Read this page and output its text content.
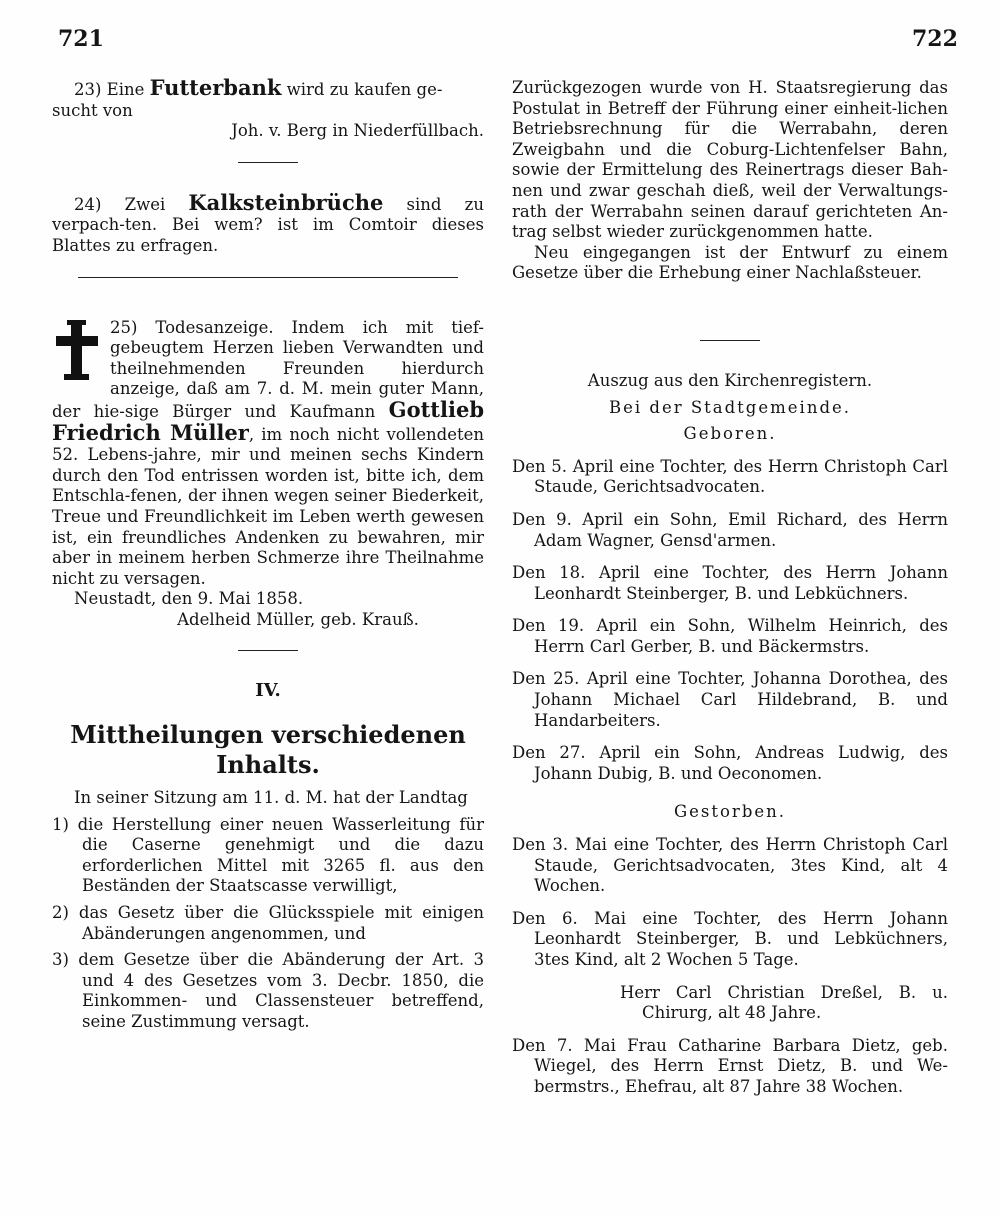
721	722

23) Eine Futterbank wird zu kaufen ge-
sucht von

Joh. v. Berg in Niederfüllbach.

24) Zwei Kalksteinbrüche sind zu verpach-ten. Bei wem? ist im Comtoir dieses Blattes zu erfragen.

25) Todesanzeige. Indem ich mit tief-gebeugtem Herzen lieben Verwandten und theilnehmenden Freunden hierdurch anzeige, daß am 7. d. M. mein guter Mann, der hie-sige Bürger und Kaufmann Gottlieb Friedrich Müller, im noch nicht vollendeten 52. Lebens-jahre, mir und meinen sechs Kindern durch den Tod entrissen worden ist, bitte ich, dem Entschla-fenen, der ihnen wegen seiner Biederkeit, Treue und Freundlichkeit im Leben werth gewesen ist, ein freundliches Andenken zu bewahren, mir aber in meinem herben Schmerze ihre Theilnahme nicht zu versagen.

Neustadt, den 9. Mai 1858.

Adelheid Müller, geb. Krauß.

IV.

Mittheilungen verschiedenen Inhalts.

In seiner Sitzung am 11. d. M. hat der Landtag

1) die Herstellung einer neuen Wasserleitung für die Caserne genehmigt und die dazu erforderlichen Mittel mit 3265 fl. aus den Beständen der Staatscasse verwilligt,

2) das Gesetz über die Glücksspiele mit einigen Abänderungen angenommen, und

3) dem Gesetze über die Abänderung der Art. 3 und 4 des Gesetzes vom 3. Decbr. 1850, die Einkommen- und Classensteuer betreffend, seine Zustimmung versagt.

Zurückgezogen wurde von H. Staatsregierung das Postulat in Betreff der Führung einer einheit-lichen Betriebsrechnung für die Werrabahn, deren Zweigbahn und die Coburg-Lichtenfelser Bahn, sowie der Ermittelung des Reinertrags dieser Bah-nen und zwar geschah dieß, weil der Verwaltungs-rath der Werrabahn seinen darauf gerichteten An-trag selbst wieder zurückgenommen hatte.

Neu eingegangen ist der Entwurf zu einem Gesetze über die Erhebung einer Nachlaßsteuer.

Auszug aus den Kirchenregistern.

Bei der Stadtgemeinde.

Geboren.

Den 5. April eine Tochter, des Herrn Christoph Carl Staude, Gerichtsadvocaten.

Den 9. April ein Sohn, Emil Richard, des Herrn Adam Wagner, Gensd'armen.

Den 18. April eine Tochter, des Herrn Johann Leonhardt Steinberger, B. und Lebküchners.

Den 19. April ein Sohn, Wilhelm Heinrich, des Herrn Carl Gerber, B. und Bäckermstrs.

Den 25. April eine Tochter, Johanna Dorothea, des Johann Michael Carl Hildebrand, B. und Handarbeiters.

Den 27. April ein Sohn, Andreas Ludwig, des Johann Dubig, B. und Oeconomen.

Gestorben.

Den 3. Mai eine Tochter, des Herrn Christoph Carl Staude, Gerichtsadvocaten, 3tes Kind, alt 4 Wochen.

Den 6. Mai eine Tochter, des Herrn Johann Leonhardt Steinberger, B. und Lebküchners, 3tes Kind, alt 2 Wochen 5 Tage.

Herr Carl Christian Dreßel, B. u. Chirurg, alt 48 Jahre.

Den 7. Mai Frau Catharine Barbara Dietz, geb. Wiegel, des Herrn Ernst Dietz, B. und We-bermstrs., Ehefrau, alt 87 Jahre 38 Wochen.
